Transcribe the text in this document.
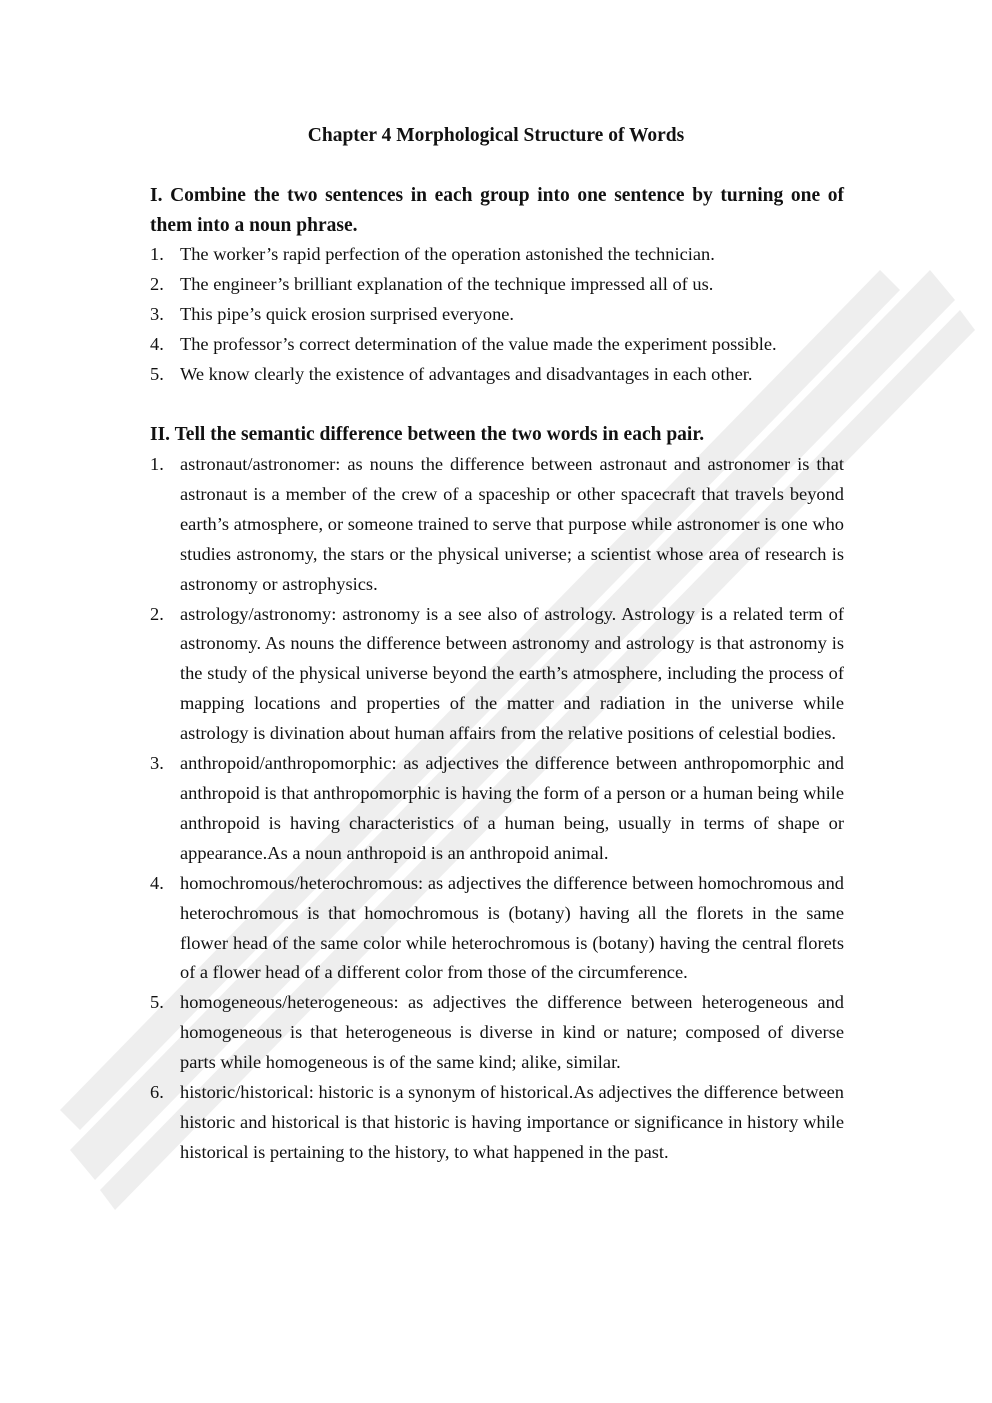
Chapter 4 Morphological Structure of Words
I. Combine the two sentences in each group into one sentence by turning one of them into a noun phrase.
1. The worker’s rapid perfection of the operation astonished the technician.
2. The engineer’s brilliant explanation of the technique impressed all of us.
3. This pipe’s quick erosion surprised everyone.
4. The professor’s correct determination of the value made the experiment possible.
5. We know clearly the existence of advantages and disadvantages in each other.
II. Tell the semantic difference between the two words in each pair.
1. astronaut/astronomer: as nouns the difference between astronaut and astronomer is that astronaut is a member of the crew of a spaceship or other spacecraft that travels beyond earth’s atmosphere, or someone trained to serve that purpose while astronomer is one who studies astronomy, the stars or the physical universe; a scientist whose area of research is astronomy or astrophysics.
2. astrology/astronomy: astronomy is a see also of astrology. Astrology is a related term of astronomy. As nouns the difference between astronomy and astrology is that astronomy is the study of the physical universe beyond the earth’s atmosphere, including the process of mapping locations and properties of the matter and radiation in the universe while astrology is divination about human affairs from the relative positions of celestial bodies.
3. anthropoid/anthropomorphic: as adjectives the difference between anthropomorphic and anthropoid is that anthropomorphic is having the form of a person or a human being while anthropoid is having characteristics of a human being, usually in terms of shape or appearance.As a noun anthropoid is an anthropoid animal.
4. homochromous/heterochromous: as adjectives the difference between homochromous and heterochromous is that homochromous is (botany) having all the florets in the same flower head of the same color while heterochromous is (botany) having the central florets of a flower head of a different color from those of the circumference.
5. homogeneous/heterogeneous: as adjectives the difference between heterogeneous and homogeneous is that heterogeneous is diverse in kind or nature; composed of diverse parts while homogeneous is of the same kind; alike, similar.
6. historic/historical: historic is a synonym of historical.As adjectives the difference between historic and historical is that historic is having importance or significance in history while historical is pertaining to the history, to what happened in the past.
